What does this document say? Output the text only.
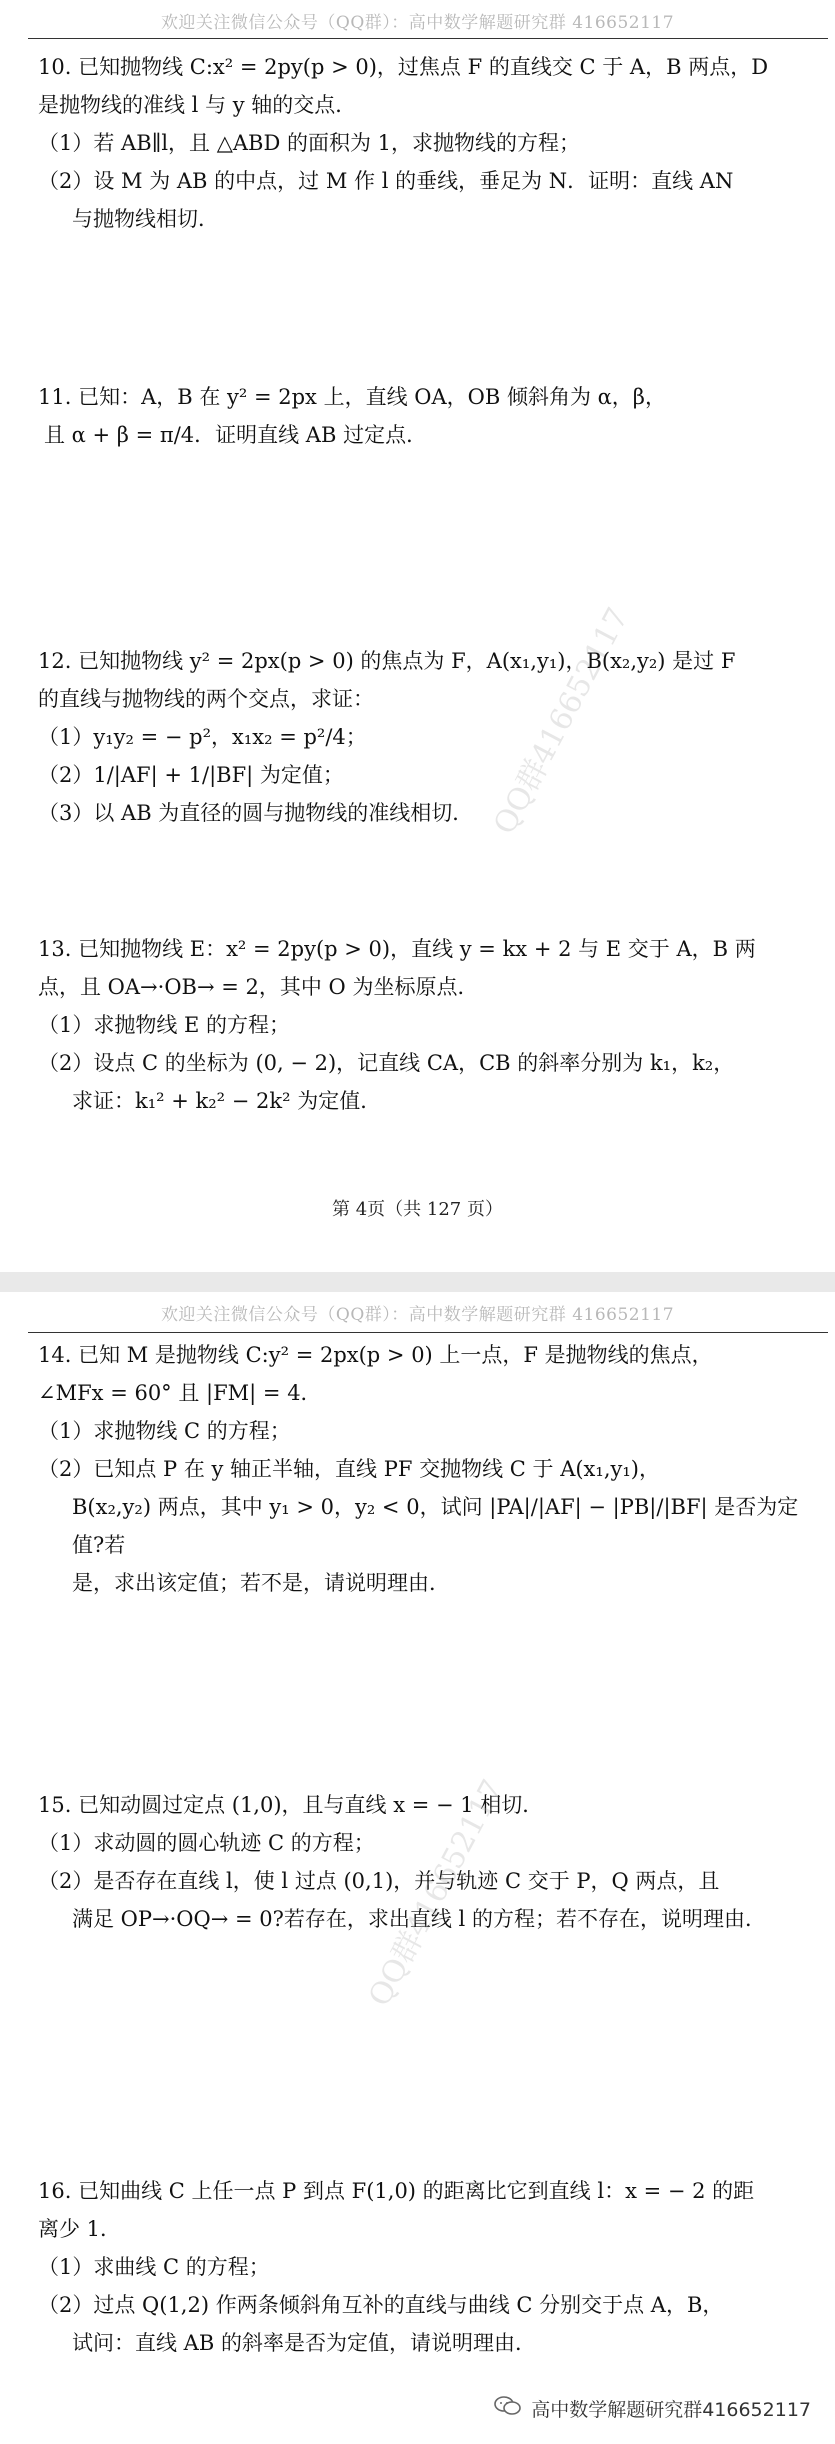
欢迎关注微信公众号（QQ群）：高中数学解题研究群 416652117

10. 已知抛物线 C:x² = 2py(p > 0)，过焦点 F 的直线交 C 于 A，B 两点，D

是抛物线的准线 l 与 y 轴的交点．

（1）若 AB∥l，且 △ABD 的面积为 1，求抛物线的方程；

（2）设 M 为 AB 的中点，过 M 作 l 的垂线，垂足为 N．证明：直线 AN

与抛物线相切．

11. 已知：A，B 在 y² = 2px 上，直线 OA，OB 倾斜角为 α，β，

且 α + β = π/4．证明直线 AB 过定点．

QQ群416652117

12. 已知抛物线 y² = 2px(p > 0) 的焦点为 F，A(x₁,y₁)，B(x₂,y₂) 是过 F

的直线与抛物线的两个交点，求证：

（1）y₁y₂ = − p²，x₁x₂ = p²/4；

（2）1/|AF| + 1/|BF| 为定值；

（3）以 AB 为直径的圆与抛物线的准线相切．

13. 已知抛物线 E：x² = 2py(p > 0)，直线 y = kx + 2 与 E 交于 A，B 两

点，且 OA→·OB→ = 2，其中 O 为坐标原点．

（1）求抛物线 E 的方程；

（2）设点 C 的坐标为 (0, − 2)，记直线 CA，CB 的斜率分别为 k₁，k₂，

求证：k₁² + k₂² − 2k² 为定值．

第 4页（共 127 页）
欢迎关注微信公众号（QQ群）：高中数学解题研究群 416652117

14. 已知 M 是抛物线 C:y² = 2px(p > 0) 上一点，F 是抛物线的焦点，

∠MFx = 60° 且 |FM| = 4．

（1）求抛物线 C 的方程；

（2）已知点 P 在 y 轴正半轴，直线 PF 交抛物线 C 于 A(x₁,y₁)，

B(x₂,y₂) 两点，其中 y₁ > 0，y₂ < 0，试问 |PA|/|AF| − |PB|/|BF| 是否为定值?若

是，求出该定值；若不是，请说明理由．

15. 已知动圆过定点 (1,0)，且与直线 x = − 1 相切．

（1）求动圆的圆心轨迹 C 的方程；

（2）是否存在直线 l，使 l 过点 (0,1)，并与轨迹 C 交于 P，Q 两点，且

满足 OP→·OQ→ = 0?若存在，求出直线 l 的方程；若不存在，说明理由．

QQ群416652117

16. 已知曲线 C 上任一点 P 到点 F(1,0) 的距离比它到直线 l：x = − 2 的距

离少 1．

（1）求曲线 C 的方程；

（2）过点 Q(1,2) 作两条倾斜角互补的直线与曲线 C 分别交于点 A，B，

试问：直线 AB 的斜率是否为定值，请说明理由．

高中数学解题研究群416652117
